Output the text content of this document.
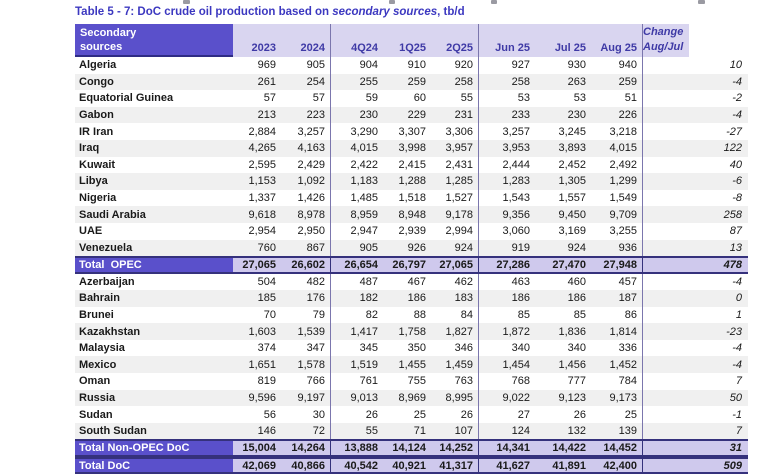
Table 5 - 7: DoC crude oil production based on secondary sources, tb/d
Secondary
sources	2023	2024	4Q24	1Q25	2Q25	Jun 25	Jul 25	Aug 25
Change
Aug/Jul
Algeria	969	905	904	910	920	927	930	940	10
Congo	261	254	255	259	258	258	263	259	-4
Equatorial Guinea	57	57	59	60	55	53	53	51	-2
Gabon	213	223	230	229	231	233	230	226	-4
IR Iran	2,884	3,257	3,290	3,307	3,306	3,257	3,245	3,218	-27
Iraq	4,265	4,163	4,015	3,998	3,957	3,953	3,893	4,015	122
Kuwait	2,595	2,429	2,422	2,415	2,431	2,444	2,452	2,492	40
Libya	1,153	1,092	1,183	1,288	1,285	1,283	1,305	1,299	-6
Nigeria	1,337	1,426	1,485	1,518	1,527	1,543	1,557	1,549	-8
Saudi Arabia	9,618	8,978	8,959	8,948	9,178	9,356	9,450	9,709	258
UAE	2,954	2,950	2,947	2,939	2,994	3,060	3,169	3,255	87
Venezuela	760	867	905	926	924	919	924	936	13
Total  OPEC	27,065	26,602	26,654	26,797	27,065	27,286	27,470	27,948	478
Azerbaijan	504	482	487	467	462	463	460	457	-4
Bahrain	185	176	182	186	183	186	186	187	0
Brunei	70	79	82	88	84	85	85	86	1
Kazakhstan	1,603	1,539	1,417	1,758	1,827	1,872	1,836	1,814	-23
Malaysia	374	347	345	350	346	340	340	336	-4
Mexico	1,651	1,578	1,519	1,455	1,459	1,454	1,456	1,452	-4
Oman	819	766	761	755	763	768	777	784	7
Russia	9,596	9,197	9,013	8,969	8,995	9,022	9,123	9,173	50
Sudan	56	30	26	25	26	27	26	25	-1
South Sudan	146	72	55	71	107	124	132	139	7
Total Non-OPEC DoC	15,004	14,264	13,888	14,124	14,252	14,341	14,422	14,452	31
Total DoC	42,069	40,866	40,542	40,921	41,317	41,627	41,891	42,400	509
